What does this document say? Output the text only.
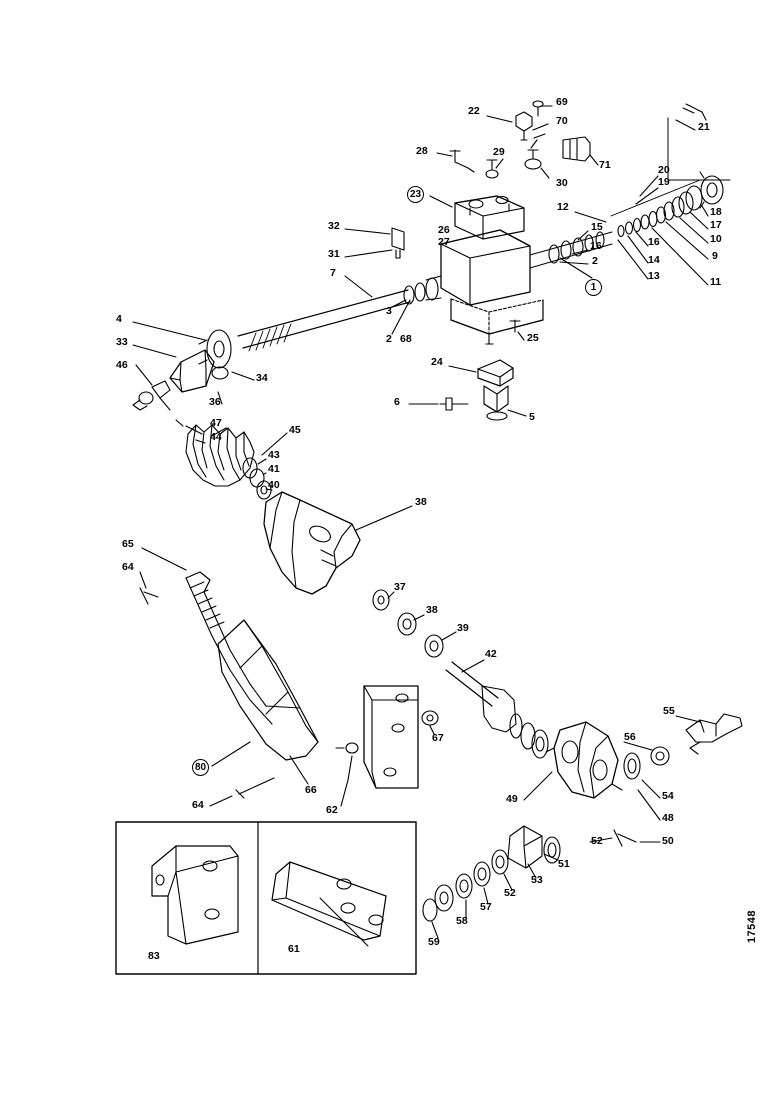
22
69
70	21
28	29
71
30
20
19
18
17
10
9
11
23
12
15
16
14
13
32	26
27	16
2
31
1
7
3
2 68	25
24
4
33
46
34
36	6
5
47
44
45
43
41
40
38
65
64
37
38
39
42
55
56
67
80
54
49
48
64
66
62
52	50
51
53
52
57
58
59
83
61
17548
